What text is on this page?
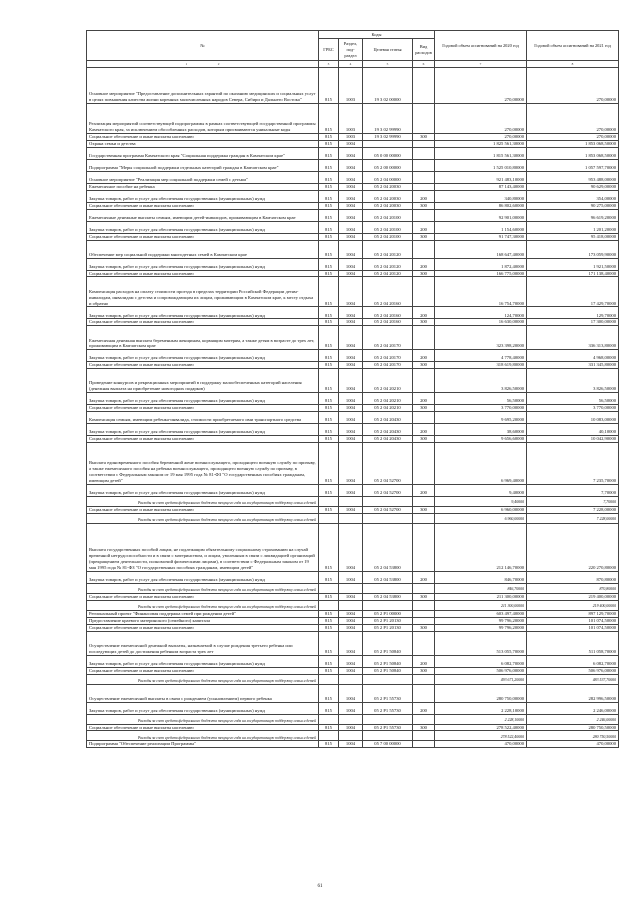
№	Коды				Годовой объем ассигнований на 2020 год	Годовой объем ассигнований на 2021 год
	ГРБС	Раздел, под-раздел	Целевая статья	Вид расходов		
1 2	3	4	5	6	7	8
Основное мероприятие "Предоставление дополнительных гарантий по оказанию медицинских и социальных услуг в целях повышения качества жизни коренных малочисленных народов Севера, Сибири и Дальнего Востока"	815	1003	19 3 02 00000		270,00000	270,00000
Реализация мероприятий соответствующей подпрограммы в рамках соответствующей государственной программы Камчатского края, за исключением обособленных расходов, которым присваиваются уникальные коды	815	1003	19 3 02 99990		270,00000	270,00000
Социальное обеспечение и иные выплаты населению	815	1003	19 3 02 99990	300	270,00000	270,00000
Охрана семьи и детства	815	1004			1 825 561,30000	1 853 068,50000
Государственная программа Камчатского края "Социальная поддержка граждан в Камчатском крае"	815	1004	05 0 00 00000		1 815 561,30000	1 853 068,50000
Подпрограмма "Меры социальной поддержки отдельных категорий граждан в Камчатском крае"	815	1004	05 2 00 00000		1 525 010,80000	1 057 597,70000
Основное мероприятие "Реализация мер социальной поддержки семей с детьми"	815	1004	05 2 04 00000		921 483,10000	953 488,00000
Ежемесячное пособие на ребенка	815	1004	05 2 04 20030		87 143,40000	90 629,00000
Закупка товаров, работ и услуг для обеспечения государственных (муниципальных) нужд	815	1004	05 2 04 20030	200	340,80000	354,00000
Социальное обеспечение и иные выплаты населению	815	1004	05 2 04 20030	300	86 802,60000	90 275,00000
Ежемесячные денежные выплаты семьям, имеющим детей-инвалидов, проживающим в Камчатском крае	815	1004	05 2 04 20100		92 901,00000	96 619,20000
Закупка товаров, работ и услуг для обеспечения государственных (муниципальных) нужд	815	1004	05 2 04 20100	200	1 154,60000	1 201,20000
Социальное обеспечение и иные выплаты населению	815	1004	05 2 04 20100	300	91 747,30000	95 418,00000
Обеспечение мер социальной поддержки многодетных семей в Камчатском крае	815	1004	05 2 04 20120		168 647,40000	173 059,90000
Закупка товаров, работ и услуг для обеспечения государственных (муниципальных) нужд	815	1004	05 2 04 20120	200	1 872,40000	1 921,50000
Социальное обеспечение и иные выплаты населению	815	1004	05 2 04 20120	300	166 775,00000	171 138,40000
Компенсация расходов на оплату стоимости проезда в пределах территории Российской Федерации детям-инвалидам, инвалидам с детства и сопровождающим их лицам, проживающим в Камчатском крае, к месту отдыха и обратно	815	1004	05 2 04 20160		16 754,70000	17 429,70000
Закупка товаров, работ и услуг для обеспечения государственных (муниципальных) нужд	815	1004	05 2 04 20160	200	124,70000	129,70000
Социальное обеспечение и иные выплаты населению	815	1004	05 2 04 20160	300	16 630,00000	17 300,00000
Ежемесячная денежная выплата беременным женщинам, кормящим матерям, а также детям в возрасте до трех лет, проживающим в Камчатском крае	815	1004	05 2 04 20170		323 398,20000	336 313,80000
Закупка товаров, работ и услуг для обеспечения государственных (муниципальных) нужд	815	1004	05 2 04 20170	200	4 778,40000	4 968,00000
Социальное обеспечение и иные выплаты населению	815	1004	05 2 04 20170	300	318 619,80000	331 345,80000
Проведение конкурсов и рекреационных мероприятий в поддержку малообеспеченных категорий населения (денежная выплата на приобретение новогодних подарков)	815	1004	05 2 04 20210		3 826,50000	3 826,50000
Закупка товаров, работ и услуг для обеспечения государственных (муниципальных) нужд	815	1004	05 2 04 20210	200	56,50000	56,50000
Социальное обеспечение и иные выплаты населению	815	1004	05 2 04 20210	300	3 770,00000	3 770,00000
Компенсация семьям, имеющим ребенка-инвалида, стоимости приобретаемого ими транспортного средства	815	1004	05 2 04 20430		9 695,20000	10 083,00000
Закупка товаров, работ и услуг для обеспечения государственных (муниципальных) нужд	815	1004	05 2 04 20430	200	38,60000	40,10000
Социальное обеспечение и иные выплаты населению	815	1004	05 2 04 20430	300	9 656,60000	10 042,90000
Выплата единовременного пособия беременной жене военнослужащего, проходящего военную службу по призыву, а также ежемесячного пособия на ребенка военнослужащего, проходящего военную службу по призыву, в соответствии с Федеральным законом от 19 мая 1995 года № 81-ФЗ "О государственных пособиях гражданам, имеющим детей"	815	1004	05 2 04 52700		6 969,40000	7 235,70000
Закупка товаров, работ и услуг для обеспечения государственных (муниципальных) нужд	815	1004	05 2 04 52700	200	9,40000	7,70000
Расходы за счет средств федерального бюджета текущего года на государственную поддержку семьи и детей					9,40000	7,70000
Социальное обеспечение и иные выплаты населению	815	1004	05 2 04 52700	300	6 960,00000	7 228,00000
Расходы за счет средств федерального бюджета текущего года на государственную поддержку семьи и детей					6 960,00000	7 228,00000
Выплата государственных пособий лицам, не подлежащим обязательному социальному страхованию на случай временной нетрудоспособности и в связи с материнством, и лицам, уволенным в связи с ликвидацией организаций (прекращением деятельности, полномочий физическими лицами), в соответствии с Федеральным законом от 19 мая 1995 года № 81-ФЗ "О государственных пособиях гражданам, имеющим детей"	815	1004	05 2 04 53800		212 146,70000	220 270,80000
Закупка товаров, работ и услуг для обеспечения государственных (муниципальных) нужд	815	1004	05 2 04 53800	200	846,70000	870,80000
Расходы за счет средств федерального бюджета текущего года на государственную поддержку семьи и детей					846,70000	870,80000
Социальное обеспечение и иные выплаты населению	815	1004	05 2 04 53800	300	211 300,00000	219 400,00000
Расходы за счет средств федерального бюджета текущего года на государственную поддержку семьи и детей					211 300,00000	219 400,00000
Региональный проект "Финансовая поддержка семей при рождении детей"	815	1004	05 2 P1 00000		603 497,40000	897 129,70000
Предоставление краевого материнского (семейного) капитала	815	1004	05 2 P1 20130		99 796,20000	101 074,50000
Социальное обеспечение и иные выплаты населению	815	1004	05 2 P1 20130	300	99 796,20000	101 074,50000
Осуществление ежемесячной денежной выплаты, назначаемой в случае рождения третьего ребенка или последующих детей до достижения ребенком возраста трех лет	815	1004	05 2 P1 50840		513 055,70000	511 058,70000
Закупка товаров, работ и услуг для обеспечения государственных (муниципальных) нужд	815	1004	05 2 P1 50840	200	6 082,70000	6 082,70000
Социальное обеспечение и иные выплаты населению	815	1004	05 2 P1 50840	300	506 976,00000	506 976,00000
Расходы за счет средств федерального бюджета текущего года на государственную поддержку семьи и детей					493 671,20000	483 537,70000
Осуществление ежемесячной выплаты в связи с рождением (усыновлением) первого ребенка	815	1004	05 2 P1 55730		280 750,00000	282 996,50000
Закупка товаров, работ и услуг для обеспечения государственных (муниципальных) нужд	815	1004	05 2 P1 55730	200	2 228,10000	2 246,00000
Расходы за счет средств федерального бюджета текущего года на государственную поддержку семьи и детей					2 228,10000	2 246,00000
Социальное обеспечение и иные выплаты населению	815	1004	05 2 P1 55730	300	278 522,40000	280 750,50000
Расходы за счет средств федерального бюджета текущего года на государственную поддержку семьи и детей					278 522,40000	280 750,50000
Подпрограмма "Обеспечение реализации Программы"	815	1004	05 7 00 00000		470,00000	470,00000
61
